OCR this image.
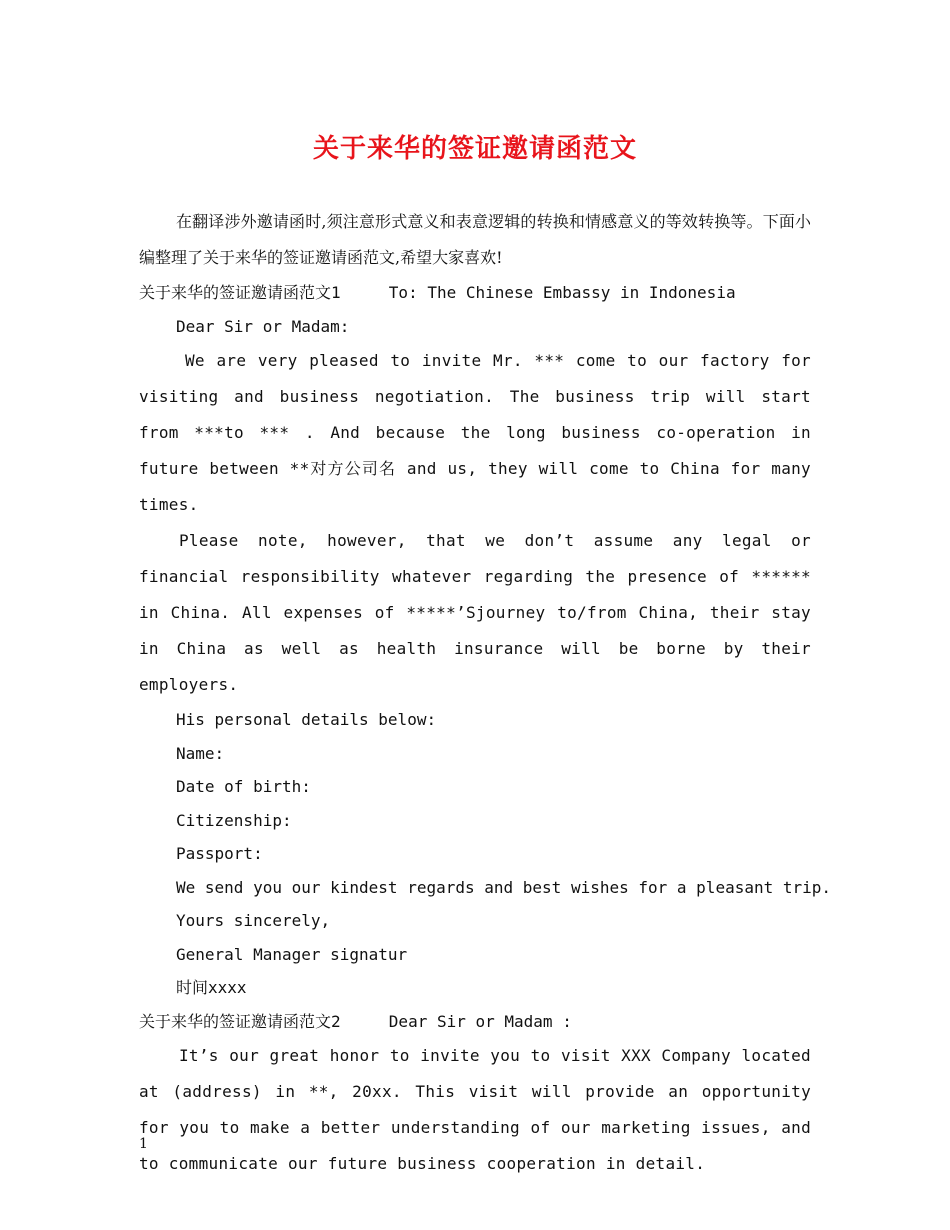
关于来华的签证邀请函范文

在翻译涉外邀请函时,须注意形式意义和表意逻辑的转换和情感意义的等效转换等。下面小编整理了关于来华的签证邀请函范文,希望大家喜欢!

关于来华的签证邀请函范文1     To: The Chinese Embassy in Indonesia

Dear Sir or Madam:

We are very pleased to invite Mr. *** come to our factory for visiting and business negotiation. The business trip will start from ***to *** . And because the long business co-operation in future between **对方公司名 and us, they will come to China for many times.

Please note, however, that we don’t assume any legal or financial responsibility whatever regarding the presence of ****** in China. All expenses of *****’Sjourney to/from China, their stay in China as well as health insurance will be borne by their employers.

His personal details below:

Name:

Date of birth:

Citizenship:

Passport:

We send you our kindest regards and best wishes for a pleasant trip.

Yours sincerely,

General Manager signatur

时间xxxx

关于来华的签证邀请函范文2     Dear Sir or Madam :

It’s our great honor to invite you to visit XXX Company located at (address) in **, 20xx. This visit will provide an opportunity for you to make a better understanding of our marketing issues, and to communicate our future business cooperation in detail.

1
